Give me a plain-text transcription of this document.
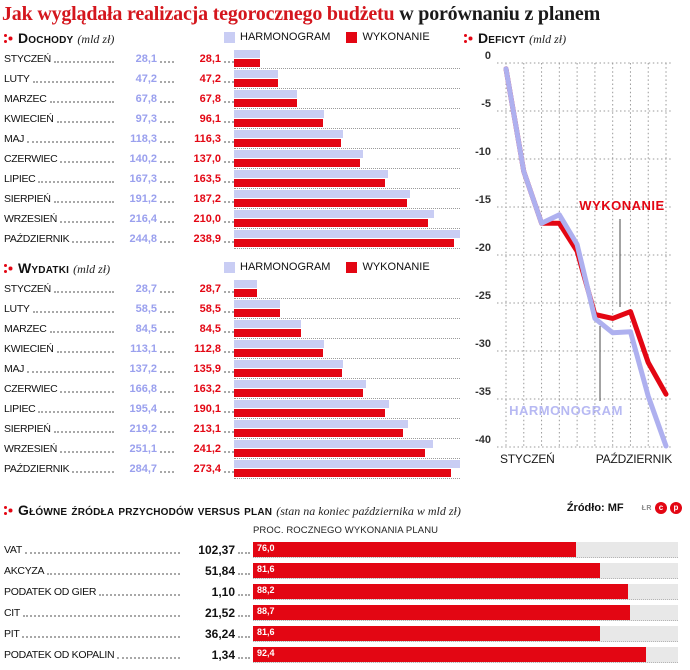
Jak wyglądała realizacja tegorocznego budżetu w porównaniu z planem
Dochody (mld zł)	HARMONOGRAM	WYKONANIE
STYCZEŃ	28,1	28,1
LUTY	47,2	47,2
MARZEC	67,8	67,8
KWIECIEŃ	97,3	96,1
MAJ	118,3	116,3
CZERWIEC	140,2	137,0
LIPIEC	167,3	163,5
SIERPIEŃ	191,2	187,2
WRZESIEŃ	216,4	210,0
PAŹDZIERNIK	244,8	238,9
Wydatki (mld zł)	HARMONOGRAM	WYKONANIE
STYCZEŃ	28,7	28,7
LUTY	58,5	58,5
MARZEC	84,5	84,5
KWIECIEŃ	113,1	112,8
MAJ	137,2	135,9
CZERWIEC	166,8	163,2
LIPIEC	195,4	190,1
SIERPIEŃ	219,2	213,1
WRZESIEŃ	251,1	241,2
PAŹDZIERNIK	284,7	273,4
Deficyt (mld zł)
0
-5
-10
-15
-20
-25
-30
-35
-40
WYKONANIE
HARMONOGRAM
STYCZEŃ	PAŹDZIERNIK
Główne źródła przychodów versus plan (stan na koniec października w mld zł)	Źródło: MF	ŁR c	p
PROC. ROCZNEGO WYKONANIA PLANU
VAT	102,37 76,0
AKCYZA	51,84 81,6
PODATEK OD GIER	1,10 88,2
CIT	21,52 88,7
PIT	36,24 81,6
PODATEK OD KOPALIN	1,34 92,4
